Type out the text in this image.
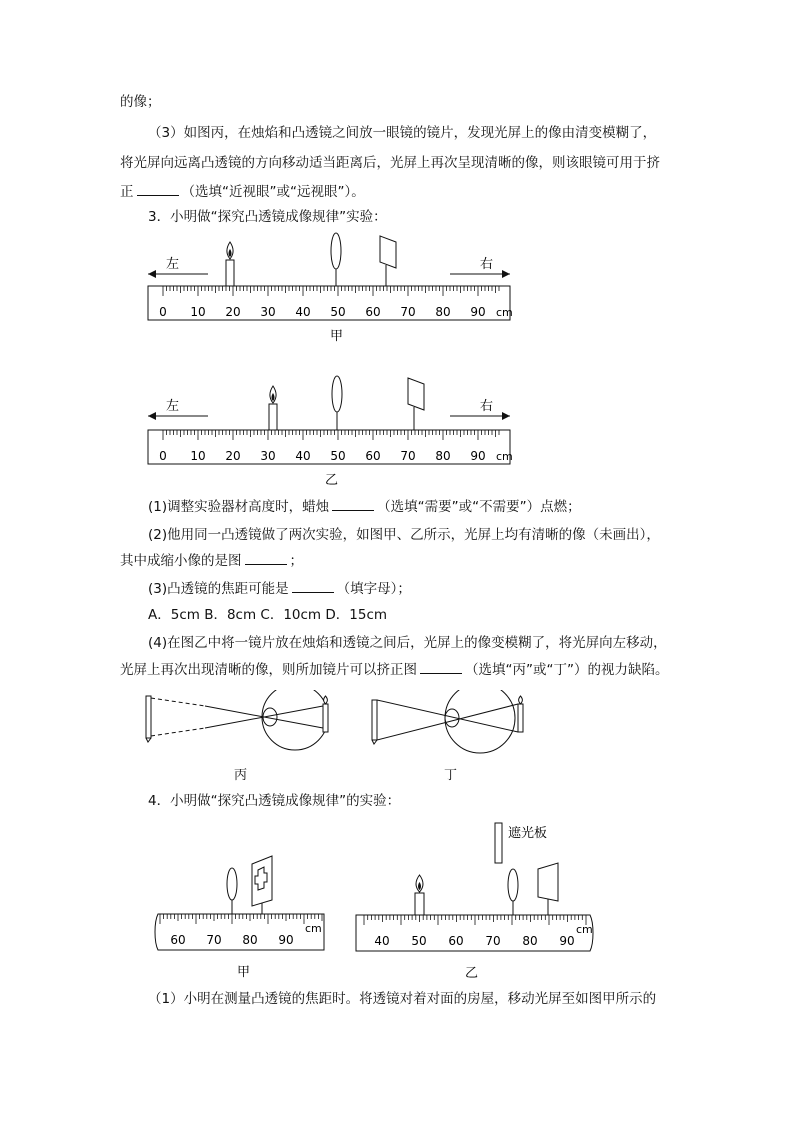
的像；
（3）如图丙，在烛焰和凸透镜之间放一眼镜的镜片，发现光屏上的像由清变模糊了，
将光屏向远离凸透镜的方向移动适当距离后，光屏上再次呈现清晰的像，则该眼镜可用于挤
正	（选填“近视眼”或“远视眼”）。
3．小明做“探究凸透镜成像规律”实验：
左	右
0 10 20 30 40 50 60 70 80 90 cm
甲
左	右
0 10 20 30 40 50 60 70 80 90 cm
乙
(1)调整实验器材高度时，蜡烛	（选填“需要”或“不需要”）点燃；
(2)他用同一凸透镜做了两次实验，如图甲、乙所示，光屏上均有清晰的像（未画出），
其中成缩小像的是图	；
(3)凸透镜的焦距可能是	（填字母）；
A．5cm B．8cm C．10cm D．15cm
(4)在图乙中将一镜片放在烛焰和透镜之间后，光屏上的像变模糊了，将光屏向左移动，
光屏上再次出现清晰的像，则所加镜片可以挤正图	（选填“丙”或“丁”）的视力缺陷。
丙	丁
4．小明做“探究凸透镜成像规律”的实验：
60 70 80 90
cm
甲
遮光板
40 50 60 70 80 90
cm
乙
（1）小明在测量凸透镜的焦距时。将透镜对着对面的房屋，移动光屏至如图甲所示的
